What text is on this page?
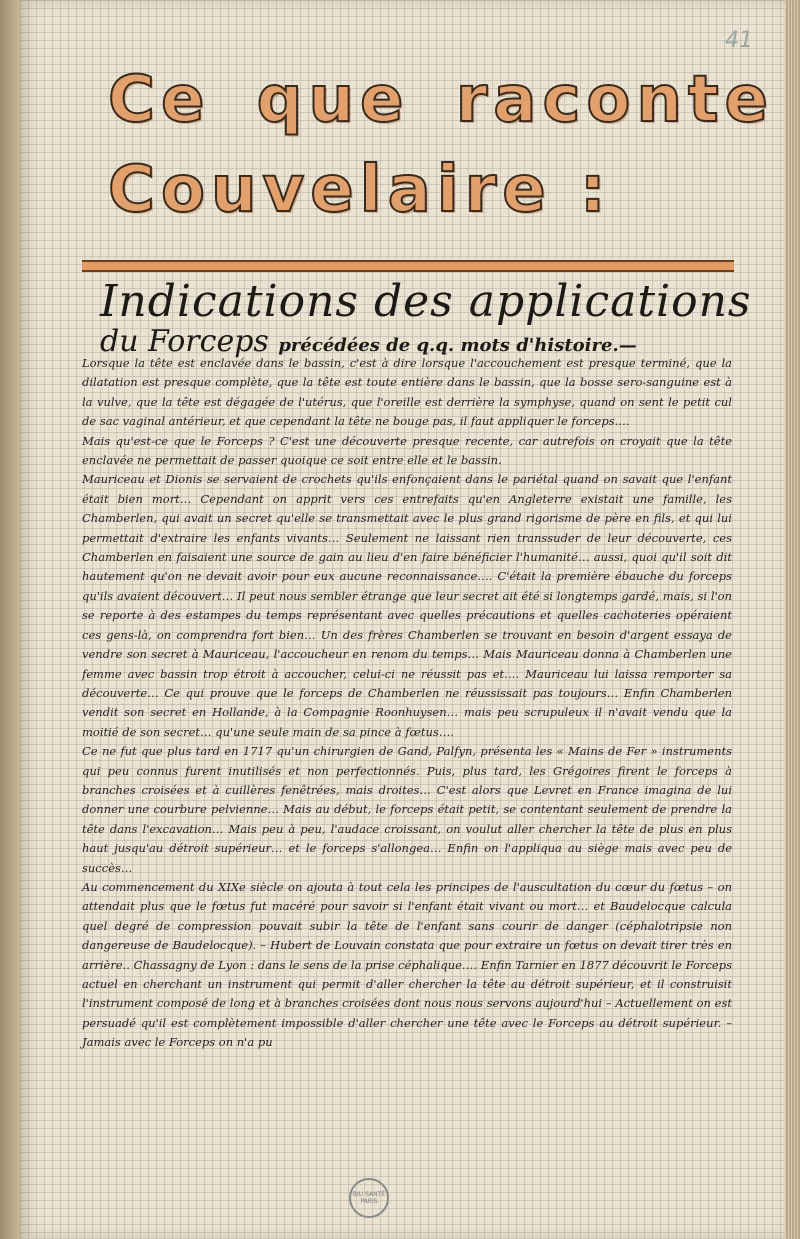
41
Ce que raconte
Couvelaire :
Indications des applications
du Forceps précédées de q.q. mots d'histoire.—

Lorsque la tête est enclavée dans le bassin, c'est à dire lorsque l'accouchement est presque terminé, que la dilatation est presque complète, que la tête est toute entière dans le bassin, que la bosse sero-sanguine est à la vulve, que la tête est dégagée de l'utérus, que l'oreille est derrière la symphyse, quand on sent le petit cul de sac vaginal antérieur, et que cependant la tête ne bouge pas, il faut appliquer le forceps.…

Mais qu'est-ce que le Forceps ? C'est une découverte presque recente, car autrefois on croyait que la tête enclavée ne permettait de passer quoique ce soit entre elle et le bassin.

Mauriceau et Dionis se servaient de crochets qu'ils enfonçaient dans le pariétal quand on savait que l'enfant était bien mort… Cependant on apprit vers ces entrefaits qu'en Angleterre existait une famille, les Chamberlen, qui avait un secret qu'elle se transmettait avec le plus grand rigorisme de père en fils, et qui lui permettait d'extraire les enfants vivants… Seulement ne laissant rien transsuder de leur découverte, ces Chamberlen en faisaient une source de gain au lieu d'en faire bénéficier l'humanité… aussi, quoi qu'il soit dit hautement qu'on ne devait avoir pour eux aucune reconnaissance…. C'était la première ébauche du forceps qu'ils avaient découvert… Il peut nous sembler étrange que leur secret ait été si longtemps gardé, mais, si l'on se reporte à des estampes du temps représentant avec quelles précautions et quelles cachoteries opéraient ces gens-là, on comprendra fort bien… Un des frères Chamberlen se trouvant en besoin d'argent essaya de vendre son secret à Mauriceau, l'accoucheur en renom du temps… Mais Mauriceau donna à Chamberlen une femme avec bassin trop étroit à accoucher, celui-ci ne réussit pas et…. Mauriceau lui laissa remporter sa découverte… Ce qui prouve que le forceps de Chamberlen ne réussissait pas toujours… Enfin Chamberlen vendit son secret en Hollande, à la Compagnie Roonhuysen… mais peu scrupuleux il n'avait vendu que la moitié de son secret… qu'une seule main de sa pince à fœtus….

Ce ne fut que plus tard en 1717 qu'un chirurgien de Gand, Palfyn, présenta les « Mains de Fer » instruments qui peu connus furent inutilisés et non perfectionnés. Puis, plus tard, les Grégoires firent le forceps à branches croisées et à cuillères fenêtrées, mais droites… C'est alors que Levret en France imagina de lui donner une courbure pelvienne… Mais au début, le forceps était petit, se contentant seulement de prendre la tête dans l'excavation… Mais peu à peu, l'audace croissant, on voulut aller chercher la tête de plus en plus haut jusqu'au détroit supérieur… et le forceps s'allongea… Enfin on l'appliqua au siège mais avec peu de succès…

Au commencement du XIXe siècle on ajouta à tout cela les principes de l'auscultation du cœur du fœtus – on attendait plus que le fœtus fut macéré pour savoir si l'enfant était vivant ou mort… et Baudelocque calcula quel degré de compression pouvait subir la tête de l'enfant sans courir de danger (céphalotripsie non dangereuse de Baudelocque). – Hubert de Louvain constata que pour extraire un fœtus on devait tirer très en arrière.. Chassagny de Lyon : dans le sens de la prise céphalique.… Enfin Tarnier en 1877 découvrit le Forceps actuel en cherchant un instrument qui permit d'aller chercher la tête au détroit supérieur, et il construisit l'instrument composé de long et à branches croisées dont nous nous servons aujourd'hui – Actuellement on est persuadé qu'il est complètement impossible d'aller chercher une tête avec le Forceps au détroit supérieur. – Jamais avec le Forceps on n'a pu

BIU SANTÉ PARIS
